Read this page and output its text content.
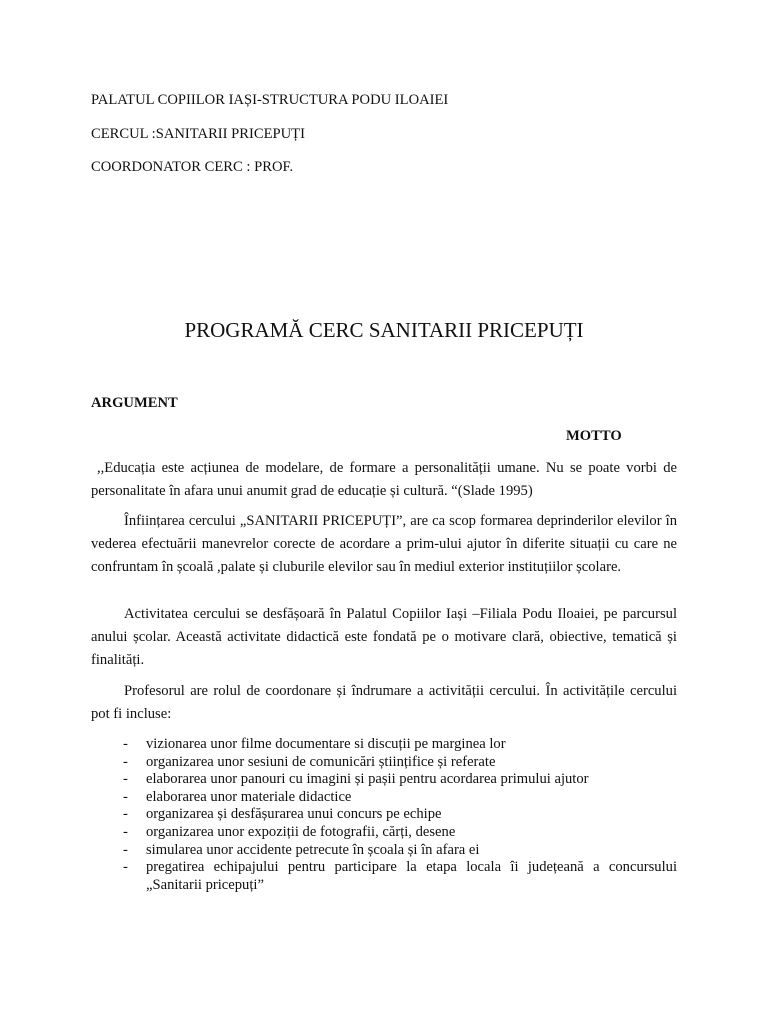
PALATUL COPIILOR IAȘI-STRUCTURA PODU ILOAIEI

CERCUL :SANITARII PRICEPUȚI

COORDONATOR CERC : PROF.

PROGRAMĂ CERC SANITARII PRICEPUȚI

ARGUMENT

MOTTO

,,Educația este acțiunea de modelare, de formare a personalității umane. Nu se poate vorbi de personalitate în afara unui anumit grad de educație și cultură. “(Slade 1995)

Înființarea cercului „SANITARII PRICEPUȚI”, are ca scop formarea deprinderilor elevilor în vederea efectuării manevrelor corecte de acordare a prim-ului ajutor în diferite situații cu care ne confruntam în școală ,palate și cluburile elevilor sau în mediul exterior instituțiilor școlare.

Activitatea cercului se desfășoară în Palatul Copiilor Iași –Filiala Podu Iloaiei, pe parcursul anului școlar. Această activitate didactică este fondată pe o motivare clară, obiective, tematică și finalități.

Profesorul are rolul de coordonare și îndrumare a activității cercului. În activitățile cercului pot fi incluse:

- vizionarea unor filme documentare si discuții pe marginea lor
- organizarea unor sesiuni de comunicări științifice și referate
- elaborarea unor panouri cu imagini și pașii pentru acordarea primului ajutor
- elaborarea unor materiale didactice
- organizarea și desfășurarea unui concurs pe echipe
- organizarea unor expoziții de fotografii, cărți, desene
- simularea unor accidente petrecute în școala și în afara ei
- pregatirea echipajului pentru participare la etapa locala îi județeană a concursului „Sanitarii pricepuți”
